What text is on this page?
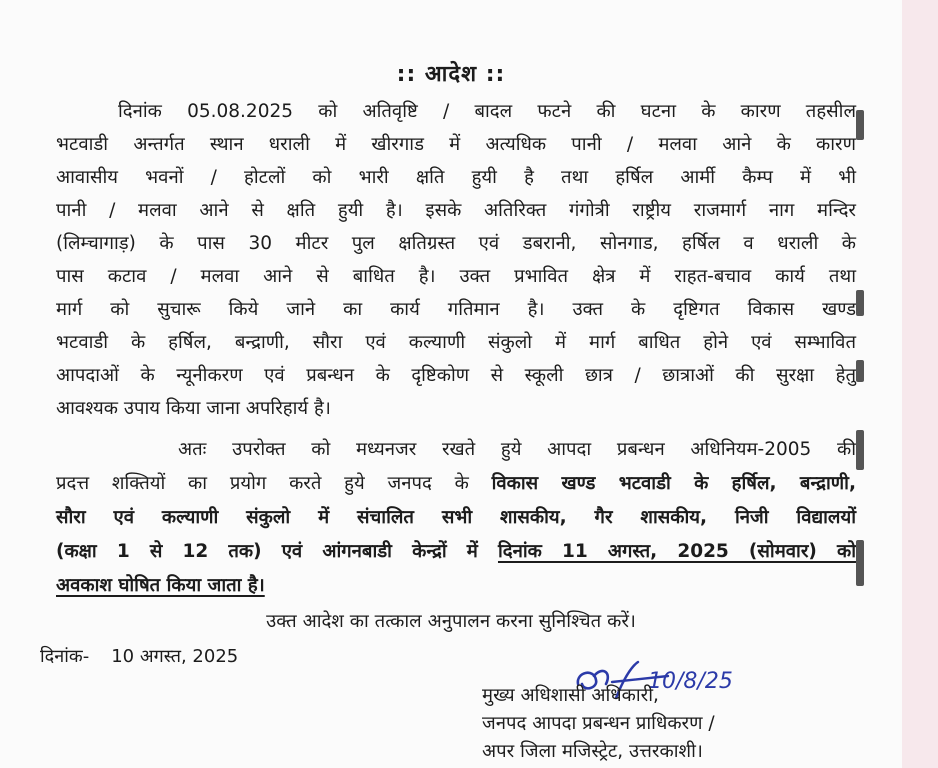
:: आदेश ::
दिनांक 05.08.2025 को अतिवृष्टि / बादल फटने की घटना के कारण तहसील
भटवाडी अन्तर्गत स्थान धराली में खीरगाड में अत्यधिक पानी / मलवा आने के कारण
आवासीय भवनों / होटलों को भारी क्षति हुयी है तथा हर्षिल आर्मी कैम्प में भी
पानी / मलवा आने से क्षति हुयी है। इसके अतिरिक्त गंगोत्री राष्ट्रीय राजमार्ग नाग मन्दिर
(लिम्चागाड़) के पास 30 मीटर पुल क्षतिग्रस्त एवं डबरानी, सोनगाड, हर्षिल व धराली के
पास कटाव / मलवा आने से बाधित है। उक्त प्रभावित क्षेत्र में राहत-बचाव कार्य तथा
मार्ग को सुचारू किये जाने का कार्य गतिमान है। उक्त के दृष्टिगत विकास खण्ड
भटवाडी के हर्षिल, बन्द्राणी, सौरा एवं कल्याणी संकुलो में मार्ग बाधित होने एवं सम्भावित
आपदाओं के न्यूनीकरण एवं प्रबन्धन के दृष्टिकोण से स्कूली छात्र / छात्राओं की सुरक्षा हेतु
आवश्यक उपाय किया जाना अपरिहार्य है।
अतः उपरोक्त को मध्यनजर रखते हुये आपदा प्रबन्धन अधिनियम-2005 की
प्रदत्त शक्तियों का प्रयोग करते हुये जनपद के विकास खण्ड भटवाडी के हर्षिल, बन्द्राणी,
सौरा एवं कल्याणी संकुलो में संचालित सभी शासकीय, गैर शासकीय, निजी विद्यालयों
(कक्षा 1 से 12 तक) एवं आंगनबाडी केन्द्रों में दिनांक 11 अगस्त, 2025 (सोमवार) को
अवकाश घोषित किया जाता है।
उक्त आदेश का तत्काल अनुपालन करना सुनिश्चित करें।
दिनांक- 10 अगस्त, 2025
10/8/25
मुख्य अधिशासी अधिकारी,
जनपद आपदा प्रबन्धन प्राधिकरण /
अपर जिला मजिस्ट्रेट, उत्तरकाशी।
